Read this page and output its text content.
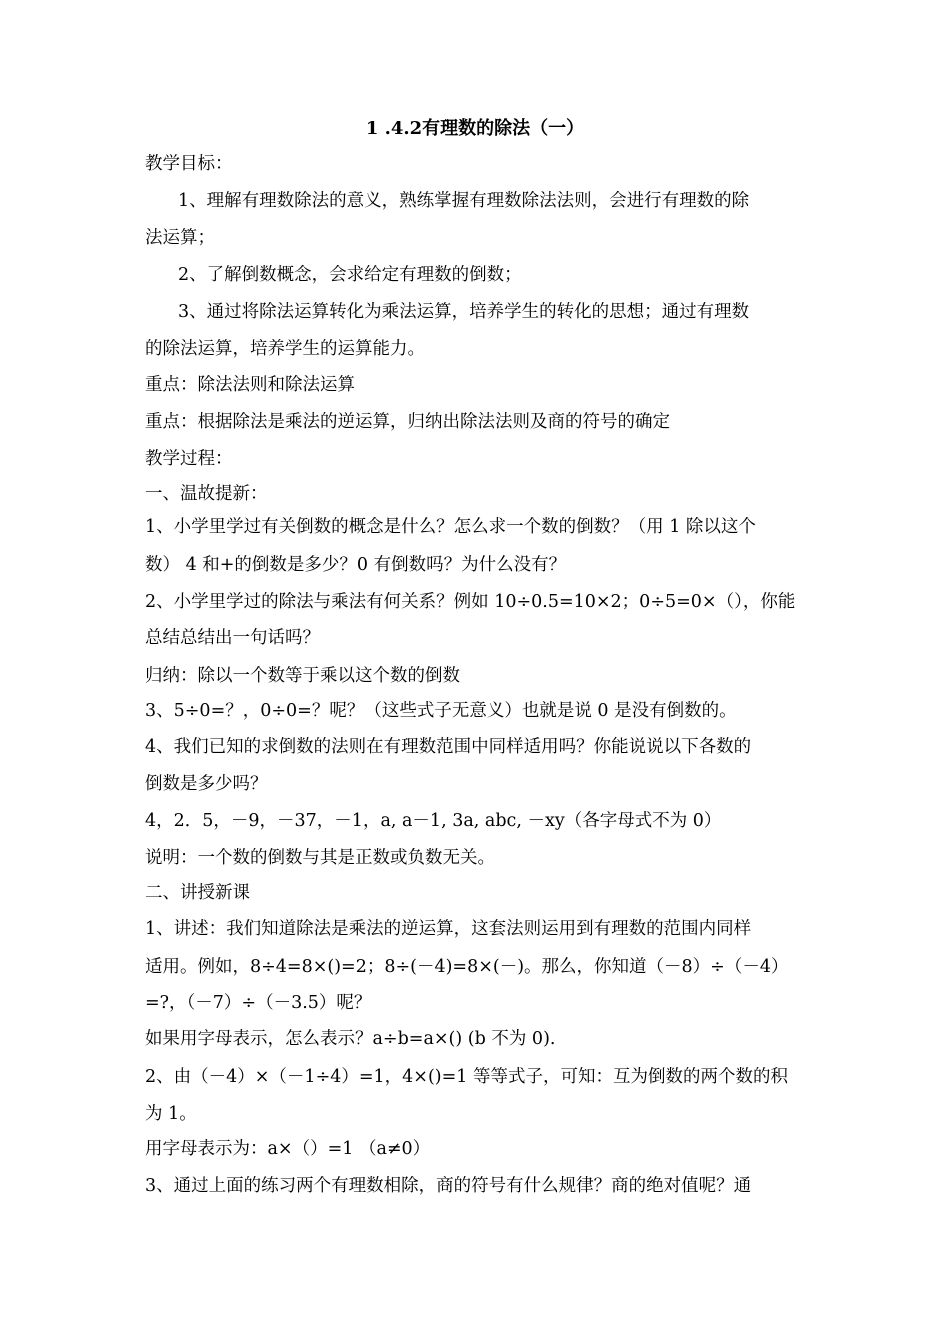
1 .4.2有理数的除法（一）
教学目标：
1、理解有理数除法的意义，熟练掌握有理数除法法则，会进行有理数的除
法运算；
2、了解倒数概念，会求给定有理数的倒数；
3、通过将除法运算转化为乘法运算，培养学生的转化的思想；通过有理数
的除法运算，培养学生的运算能力。
重点：除法法则和除法运算
重点：根据除法是乘法的逆运算，归纳出除法法则及商的符号的确定
教学过程：
一、温故提新：
1、小学里学过有关倒数的概念是什么？怎么求一个数的倒数？（用 1 除以这个
数） 4 和+的倒数是多少？0 有倒数吗？为什么没有？
2、小学里学过的除法与乘法有何关系？例如 10÷0.5=10×2；0÷5=0×（），你能
总结总结出一句话吗？
归纳：除以一个数等于乘以这个数的倒数
3、5÷0=？，0÷0=？呢？（这些式子无意义）也就是说 0 是没有倒数的。
4、我们已知的求倒数的法则在有理数范围中同样适用吗？你能说说以下各数的
倒数是多少吗？
4，2．5，－9，－37，－1，a, a－1, 3a, abc, －xy（各字母式不为 0）
说明：一个数的倒数与其是正数或负数无关。
二、讲授新课
1、讲述：我们知道除法是乘法的逆运算，这套法则运用到有理数的范围内同样
适用。例如，8÷4=8×()=2；8÷(－4)=8×(－)。那么，你知道（－8）÷（－4）
=?，（－7）÷（－3.5）呢？
如果用字母表示，怎么表示？a÷b=a×() (b 不为 0).
2、由（－4）×（－1÷4）=1，4×()=1 等等式子，可知：互为倒数的两个数的积
为 1。
用字母表示为：a×（）=1 （a≠0）
3、通过上面的练习两个有理数相除，商的符号有什么规律？商的绝对值呢？通
